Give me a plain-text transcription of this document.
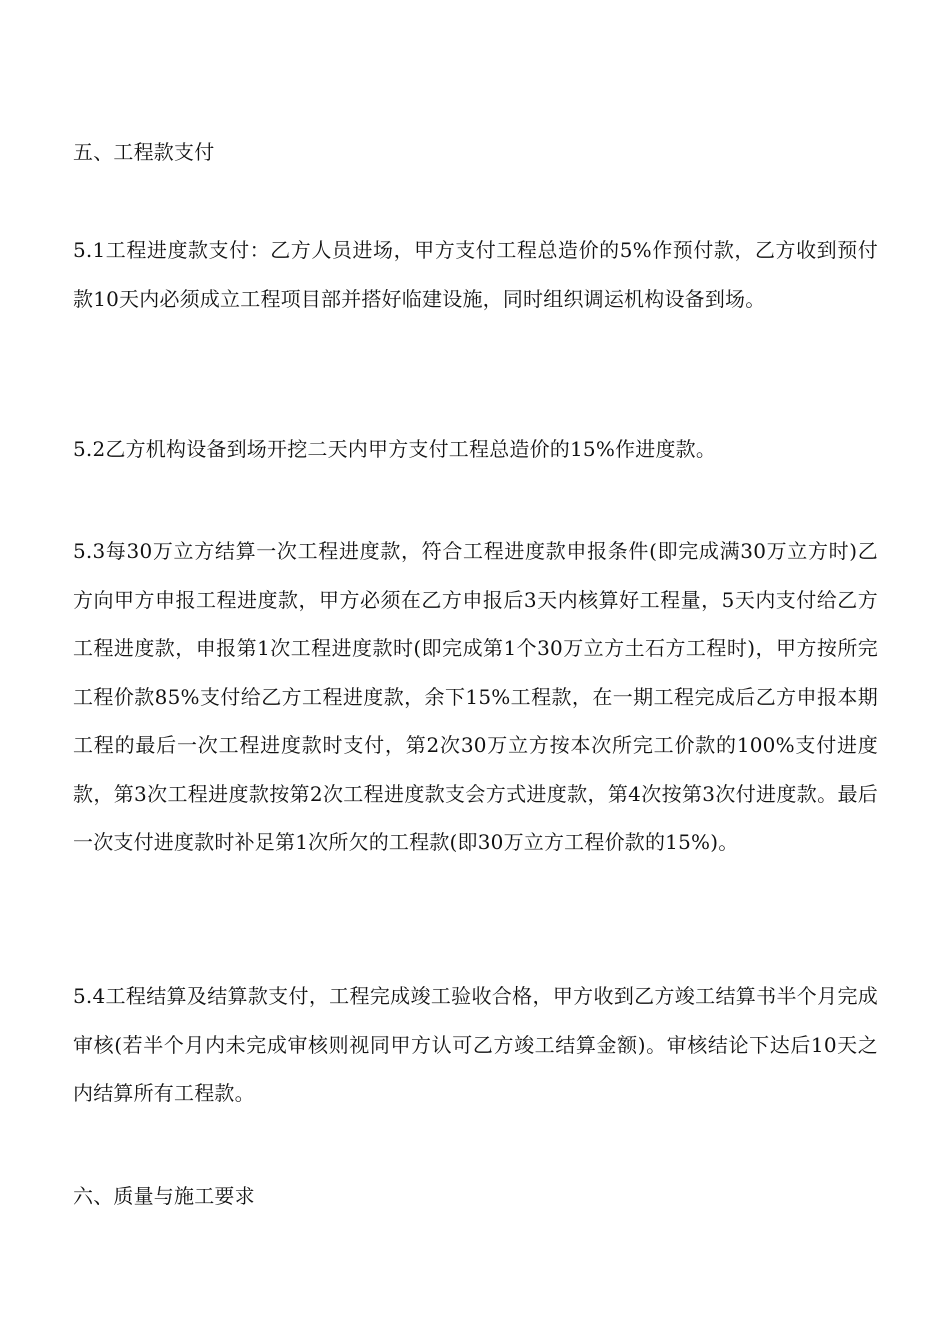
五、工程款支付

5.1工程进度款支付：乙方人员进场，甲方支付工程总造价的5%作预付款，乙方收到预付款10天内必须成立工程项目部并搭好临建设施，同时组织调运机构设备到场。

5.2乙方机构设备到场开挖二天内甲方支付工程总造价的15%作进度款。

5.3每30万立方结算一次工程进度款，符合工程进度款申报条件(即完成满30万立方时)乙方向甲方申报工程进度款，甲方必须在乙方申报后3天内核算好工程量，5天内支付给乙方工程进度款，申报第1次工程进度款时(即完成第1个30万立方土石方工程时)，甲方按所完工程价款85%支付给乙方工程进度款，余下15%工程款，在一期工程完成后乙方申报本期工程的最后一次工程进度款时支付，第2次30万立方按本次所完工价款的100%支付进度款，第3次工程进度款按第2次工程进度款支会方式进度款，第4次按第3次付进度款。最后一次支付进度款时补足第1次所欠的工程款(即30万立方工程价款的15%)。

5.4工程结算及结算款支付，工程完成竣工验收合格，甲方收到乙方竣工结算书半个月完成审核(若半个月内未完成审核则视同甲方认可乙方竣工结算金额)。审核结论下达后10天之内结算所有工程款。

六、质量与施工要求
